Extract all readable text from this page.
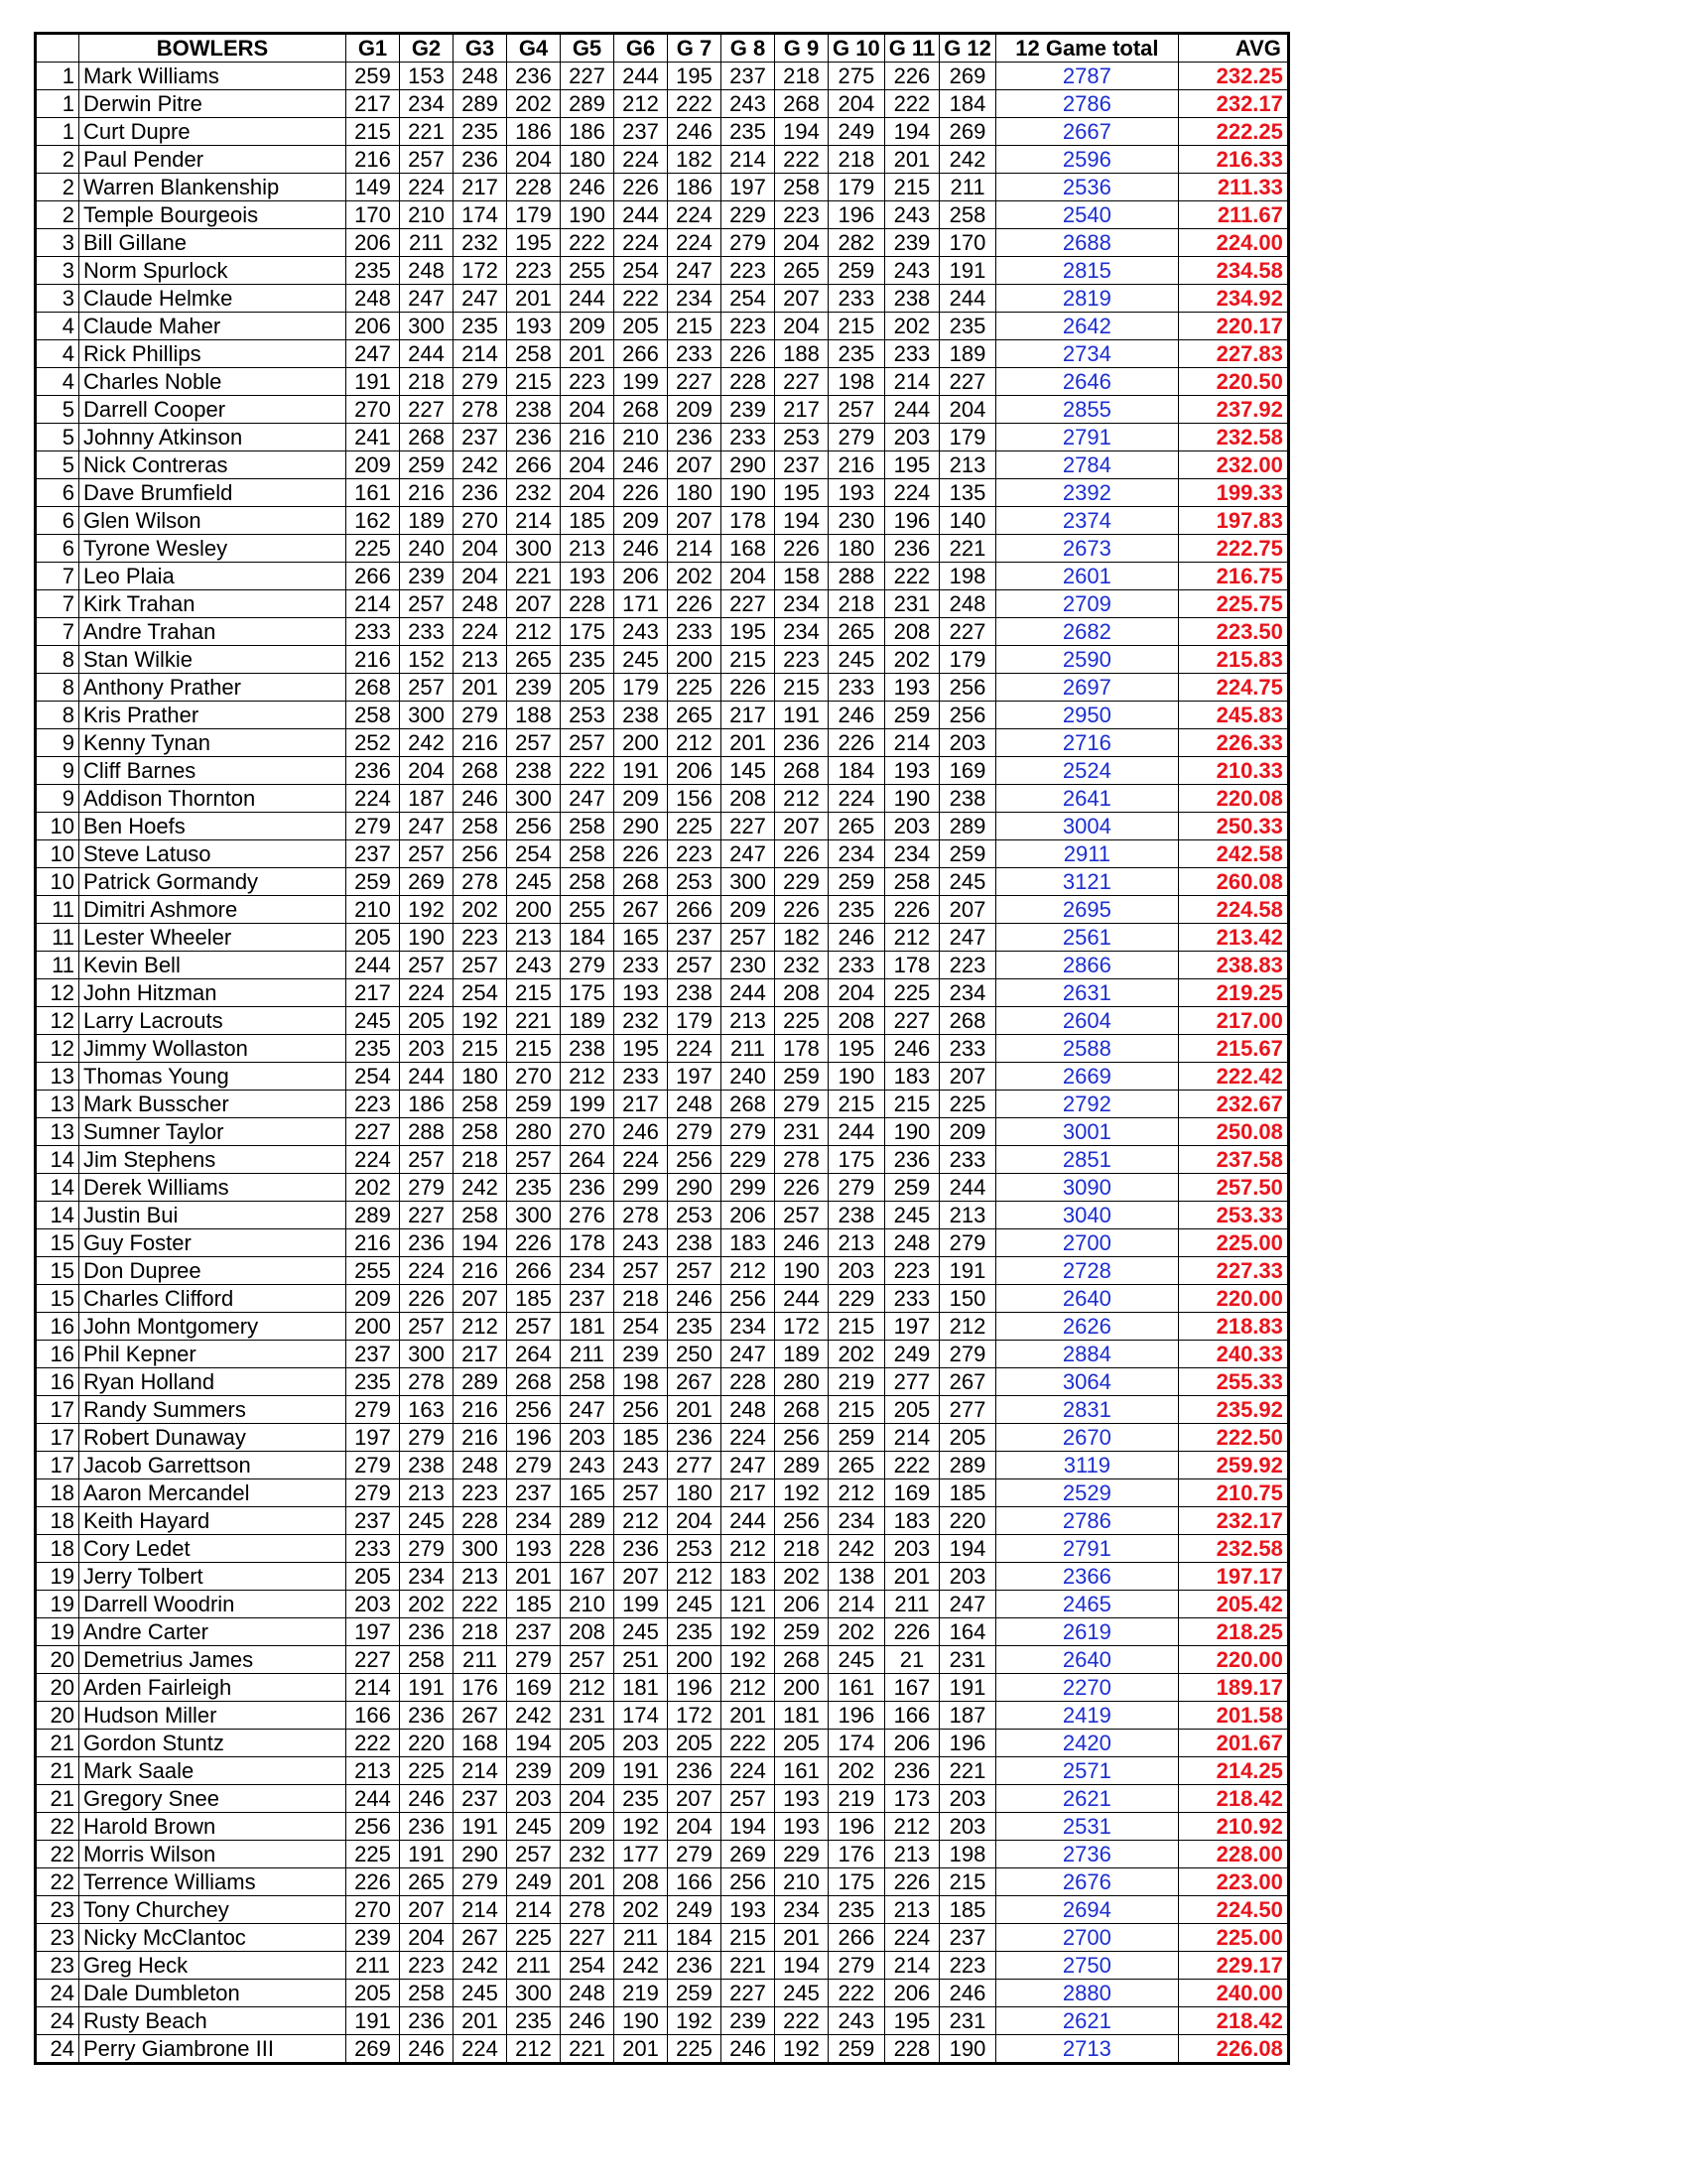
	BOWLERS	G1	G2	G3	G4	G5	G6	G 7	G 8	G 9	G 10	G 11	G 12	12 Game total	AVG
1	Mark Williams	259	153	248	236	227	244	195	237	218	275	226	269	2787	232.25
1	Derwin Pitre	217	234	289	202	289	212	222	243	268	204	222	184	2786	232.17
1	Curt Dupre	215	221	235	186	186	237	246	235	194	249	194	269	2667	222.25
2	Paul Pender	216	257	236	204	180	224	182	214	222	218	201	242	2596	216.33
2	Warren Blankenship	149	224	217	228	246	226	186	197	258	179	215	211	2536	211.33
2	Temple Bourgeois	170	210	174	179	190	244	224	229	223	196	243	258	2540	211.67
3	Bill Gillane	206	211	232	195	222	224	224	279	204	282	239	170	2688	224.00
3	Norm Spurlock	235	248	172	223	255	254	247	223	265	259	243	191	2815	234.58
3	Claude Helmke	248	247	247	201	244	222	234	254	207	233	238	244	2819	234.92
4	Claude Maher	206	300	235	193	209	205	215	223	204	215	202	235	2642	220.17
4	Rick Phillips	247	244	214	258	201	266	233	226	188	235	233	189	2734	227.83
4	Charles Noble	191	218	279	215	223	199	227	228	227	198	214	227	2646	220.50
5	Darrell Cooper	270	227	278	238	204	268	209	239	217	257	244	204	2855	237.92
5	Johnny Atkinson	241	268	237	236	216	210	236	233	253	279	203	179	2791	232.58
5	Nick Contreras	209	259	242	266	204	246	207	290	237	216	195	213	2784	232.00
6	Dave Brumfield	161	216	236	232	204	226	180	190	195	193	224	135	2392	199.33
6	Glen Wilson	162	189	270	214	185	209	207	178	194	230	196	140	2374	197.83
6	Tyrone Wesley	225	240	204	300	213	246	214	168	226	180	236	221	2673	222.75
7	Leo Plaia	266	239	204	221	193	206	202	204	158	288	222	198	2601	216.75
7	Kirk Trahan	214	257	248	207	228	171	226	227	234	218	231	248	2709	225.75
7	Andre Trahan	233	233	224	212	175	243	233	195	234	265	208	227	2682	223.50
8	Stan Wilkie	216	152	213	265	235	245	200	215	223	245	202	179	2590	215.83
8	Anthony Prather	268	257	201	239	205	179	225	226	215	233	193	256	2697	224.75
8	Kris Prather	258	300	279	188	253	238	265	217	191	246	259	256	2950	245.83
9	Kenny Tynan	252	242	216	257	257	200	212	201	236	226	214	203	2716	226.33
9	Cliff Barnes	236	204	268	238	222	191	206	145	268	184	193	169	2524	210.33
9	Addison Thornton	224	187	246	300	247	209	156	208	212	224	190	238	2641	220.08
10	Ben Hoefs	279	247	258	256	258	290	225	227	207	265	203	289	3004	250.33
10	Steve Latuso	237	257	256	254	258	226	223	247	226	234	234	259	2911	242.58
10	Patrick Gormandy	259	269	278	245	258	268	253	300	229	259	258	245	3121	260.08
11	Dimitri Ashmore	210	192	202	200	255	267	266	209	226	235	226	207	2695	224.58
11	Lester Wheeler	205	190	223	213	184	165	237	257	182	246	212	247	2561	213.42
11	Kevin Bell	244	257	257	243	279	233	257	230	232	233	178	223	2866	238.83
12	John Hitzman	217	224	254	215	175	193	238	244	208	204	225	234	2631	219.25
12	Larry Lacrouts	245	205	192	221	189	232	179	213	225	208	227	268	2604	217.00
12	Jimmy Wollaston	235	203	215	215	238	195	224	211	178	195	246	233	2588	215.67
13	Thomas Young	254	244	180	270	212	233	197	240	259	190	183	207	2669	222.42
13	Mark Busscher	223	186	258	259	199	217	248	268	279	215	215	225	2792	232.67
13	Sumner Taylor	227	288	258	280	270	246	279	279	231	244	190	209	3001	250.08
14	Jim Stephens	224	257	218	257	264	224	256	229	278	175	236	233	2851	237.58
14	Derek Williams	202	279	242	235	236	299	290	299	226	279	259	244	3090	257.50
14	Justin Bui	289	227	258	300	276	278	253	206	257	238	245	213	3040	253.33
15	Guy Foster	216	236	194	226	178	243	238	183	246	213	248	279	2700	225.00
15	Don Dupree	255	224	216	266	234	257	257	212	190	203	223	191	2728	227.33
15	Charles Clifford	209	226	207	185	237	218	246	256	244	229	233	150	2640	220.00
16	John Montgomery	200	257	212	257	181	254	235	234	172	215	197	212	2626	218.83
16	Phil Kepner	237	300	217	264	211	239	250	247	189	202	249	279	2884	240.33
16	Ryan Holland	235	278	289	268	258	198	267	228	280	219	277	267	3064	255.33
17	Randy Summers	279	163	216	256	247	256	201	248	268	215	205	277	2831	235.92
17	Robert Dunaway	197	279	216	196	203	185	236	224	256	259	214	205	2670	222.50
17	Jacob Garrettson	279	238	248	279	243	243	277	247	289	265	222	289	3119	259.92
18	Aaron Mercandel	279	213	223	237	165	257	180	217	192	212	169	185	2529	210.75
18	Keith Hayard	237	245	228	234	289	212	204	244	256	234	183	220	2786	232.17
18	Cory Ledet	233	279	300	193	228	236	253	212	218	242	203	194	2791	232.58
19	Jerry Tolbert	205	234	213	201	167	207	212	183	202	138	201	203	2366	197.17
19	Darrell Woodrin	203	202	222	185	210	199	245	121	206	214	211	247	2465	205.42
19	Andre Carter	197	236	218	237	208	245	235	192	259	202	226	164	2619	218.25
20	Demetrius James	227	258	211	279	257	251	200	192	268	245	21	231	2640	220.00
20	Arden Fairleigh	214	191	176	169	212	181	196	212	200	161	167	191	2270	189.17
20	Hudson Miller	166	236	267	242	231	174	172	201	181	196	166	187	2419	201.58
21	Gordon Stuntz	222	220	168	194	205	203	205	222	205	174	206	196	2420	201.67
21	Mark Saale	213	225	214	239	209	191	236	224	161	202	236	221	2571	214.25
21	Gregory Snee	244	246	237	203	204	235	207	257	193	219	173	203	2621	218.42
22	Harold Brown	256	236	191	245	209	192	204	194	193	196	212	203	2531	210.92
22	Morris Wilson	225	191	290	257	232	177	279	269	229	176	213	198	2736	228.00
22	Terrence Williams	226	265	279	249	201	208	166	256	210	175	226	215	2676	223.00
23	Tony Churchey	270	207	214	214	278	202	249	193	234	235	213	185	2694	224.50
23	Nicky McClantoc	239	204	267	225	227	211	184	215	201	266	224	237	2700	225.00
23	Greg Heck	211	223	242	211	254	242	236	221	194	279	214	223	2750	229.17
24	Dale Dumbleton	205	258	245	300	248	219	259	227	245	222	206	246	2880	240.00
24	Rusty Beach	191	236	201	235	246	190	192	239	222	243	195	231	2621	218.42
24	Perry Giambrone III	269	246	224	212	221	201	225	246	192	259	228	190	2713	226.08
